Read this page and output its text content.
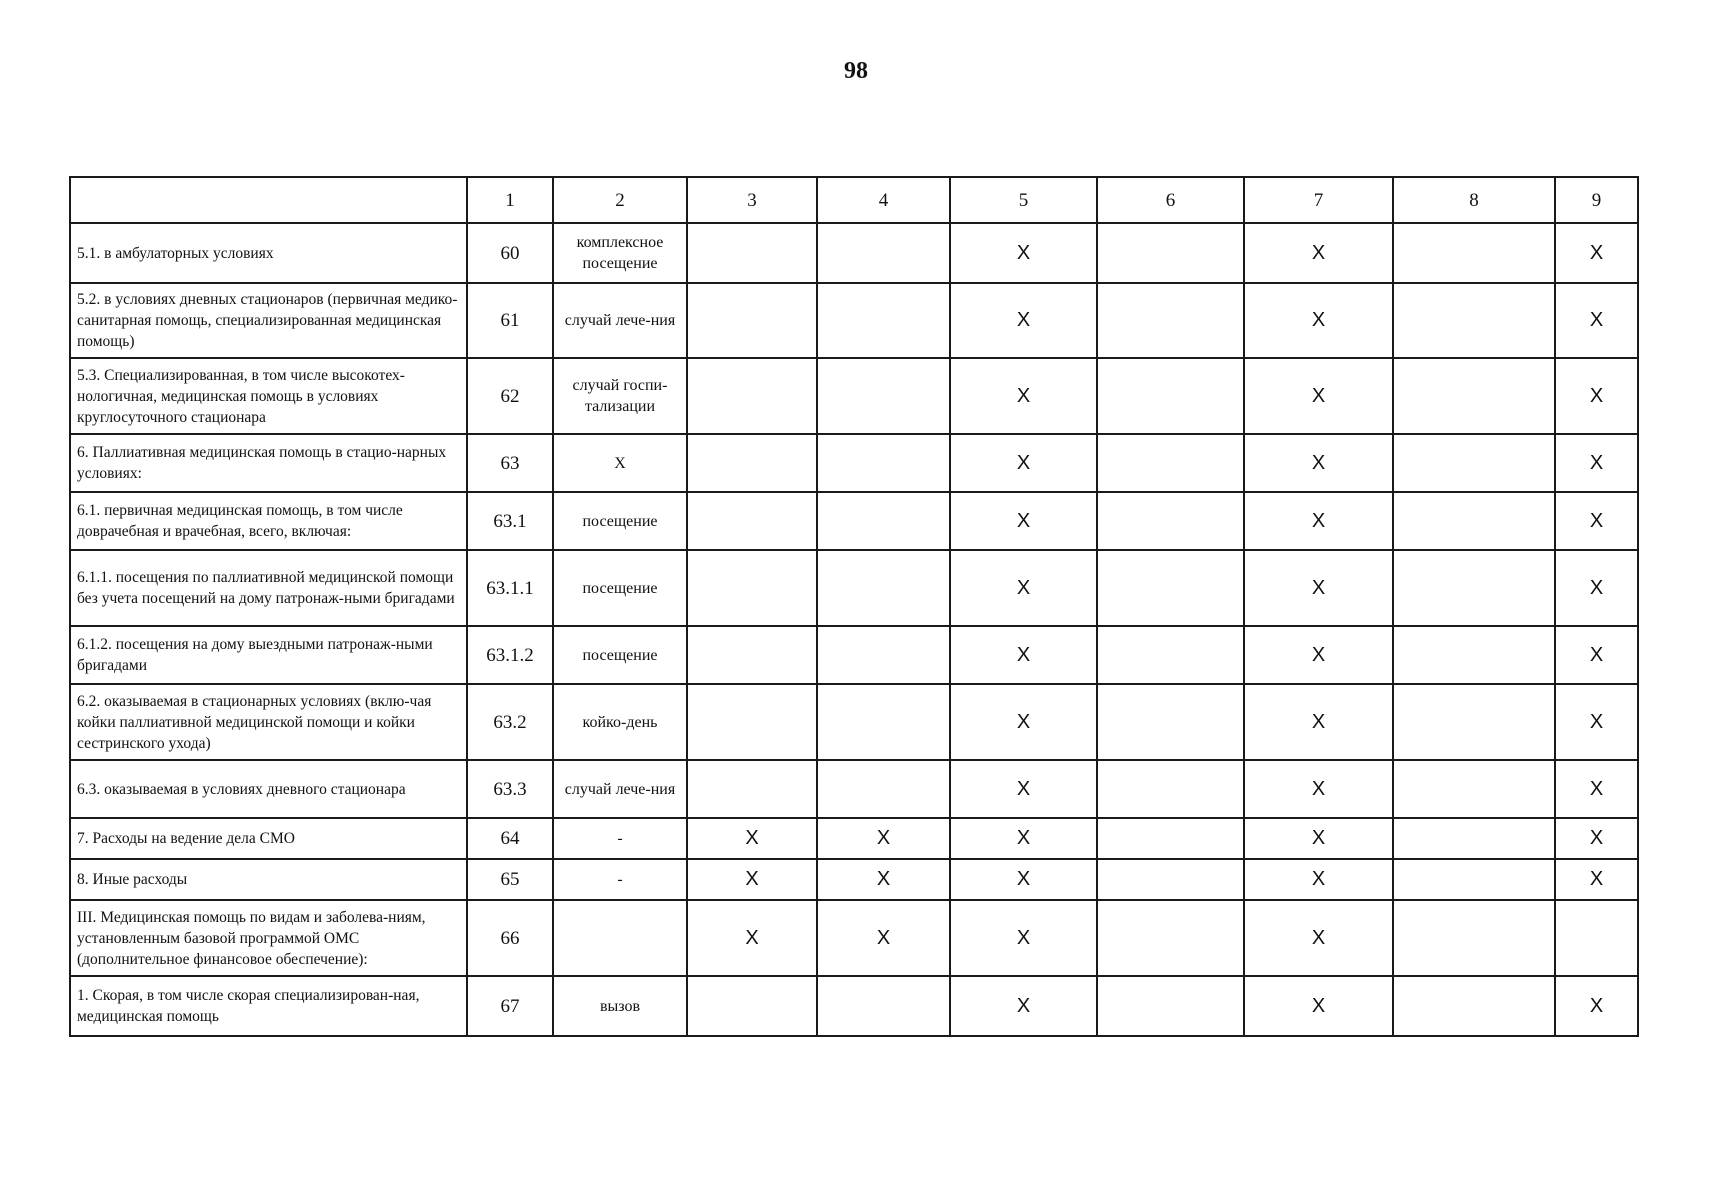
98
	1	2	3	4	5	6	7	8	9
5.1. в амбулаторных условиях	60	комплексное посещение			X		X		X
5.2. в условиях дневных стационаров (первичная медико-санитарная помощь, специализированная медицинская помощь)	61	случай лече-ния			X		X		X
5.3. Специализированная, в том числе высокотех-нологичная, медицинская помощь в условиях круглосуточного стационара	62	случай госпи-тализации			X		X		X
6. Паллиативная медицинская помощь в стацио-нарных условиях:	63	X			X		X		X
6.1. первичная медицинская помощь, в том числе доврачебная и врачебная, всего, включая:	63.1	посещение			X		X		X
6.1.1. посещения по паллиативной медицинской помощи без учета посещений на дому патронаж-ными бригадами	63.1.1	посещение			X		X		X
6.1.2. посещения на дому выездными патронаж-ными бригадами	63.1.2	посещение			X		X		X
6.2. оказываемая в стационарных условиях (вклю-чая койки паллиативной медицинской помощи и койки сестринского ухода)	63.2	койко-день			X		X		X
6.3. оказываемая в условиях дневного стационара	63.3	случай лече-ния			X		X		X
7. Расходы на ведение дела СМО	64	-	X	X	X		X		X
8. Иные расходы	65	-	X	X	X		X		X
III. Медицинская помощь по видам и заболева-ниям, установленным базовой программой ОМС (дополнительное финансовое обеспечение):	66		X	X	X		X		
1. Скорая, в том числе скорая специализирован-ная, медицинская помощь	67	вызов			X		X		X
